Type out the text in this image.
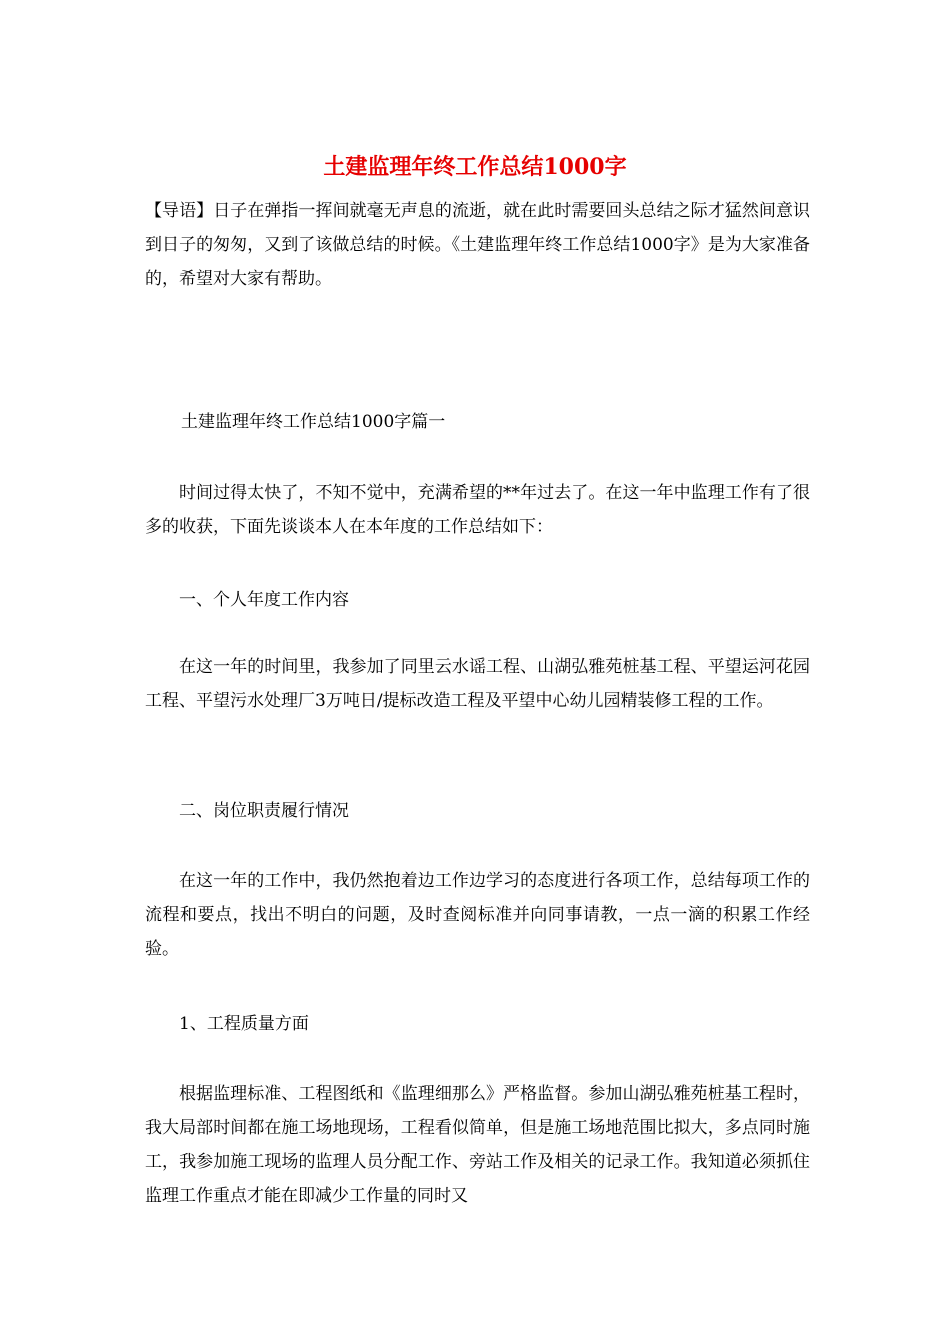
土建监理年终工作总结1000字

【导语】日子在弹指一挥间就毫无声息的流逝，就在此时需要回头总结之际才猛然间意识到日子的匆匆，又到了该做总结的时候。《土建监理年终工作总结1000字》是为大家准备的，希望对大家有帮助。

土建监理年终工作总结1000字篇一

时间过得太快了，不知不觉中，充满希望的**年过去了。在这一年中监理工作有了很多的收获，下面先谈谈本人在本年度的工作总结如下：

一、个人年度工作内容

在这一年的时间里，我参加了同里云水谣工程、山湖弘雅苑桩基工程、平望运河花园工程、平望污水处理厂3万吨日/提标改造工程及平望中心幼儿园精装修工程的工作。

二、岗位职责履行情况

在这一年的工作中，我仍然抱着边工作边学习的态度进行各项工作，总结每项工作的流程和要点，找出不明白的问题，及时查阅标准并向同事请教，一点一滴的积累工作经验。

1、工程质量方面

根据监理标准、工程图纸和《监理细那么》严格监督。参加山湖弘雅苑桩基工程时，我大局部时间都在施工场地现场，工程看似简单，但是施工场地范围比拟大，多点同时施工，我参加施工现场的监理人员分配工作、旁站工作及相关的记录工作。我知道必须抓住监理工作重点才能在即减少工作量的同时又
